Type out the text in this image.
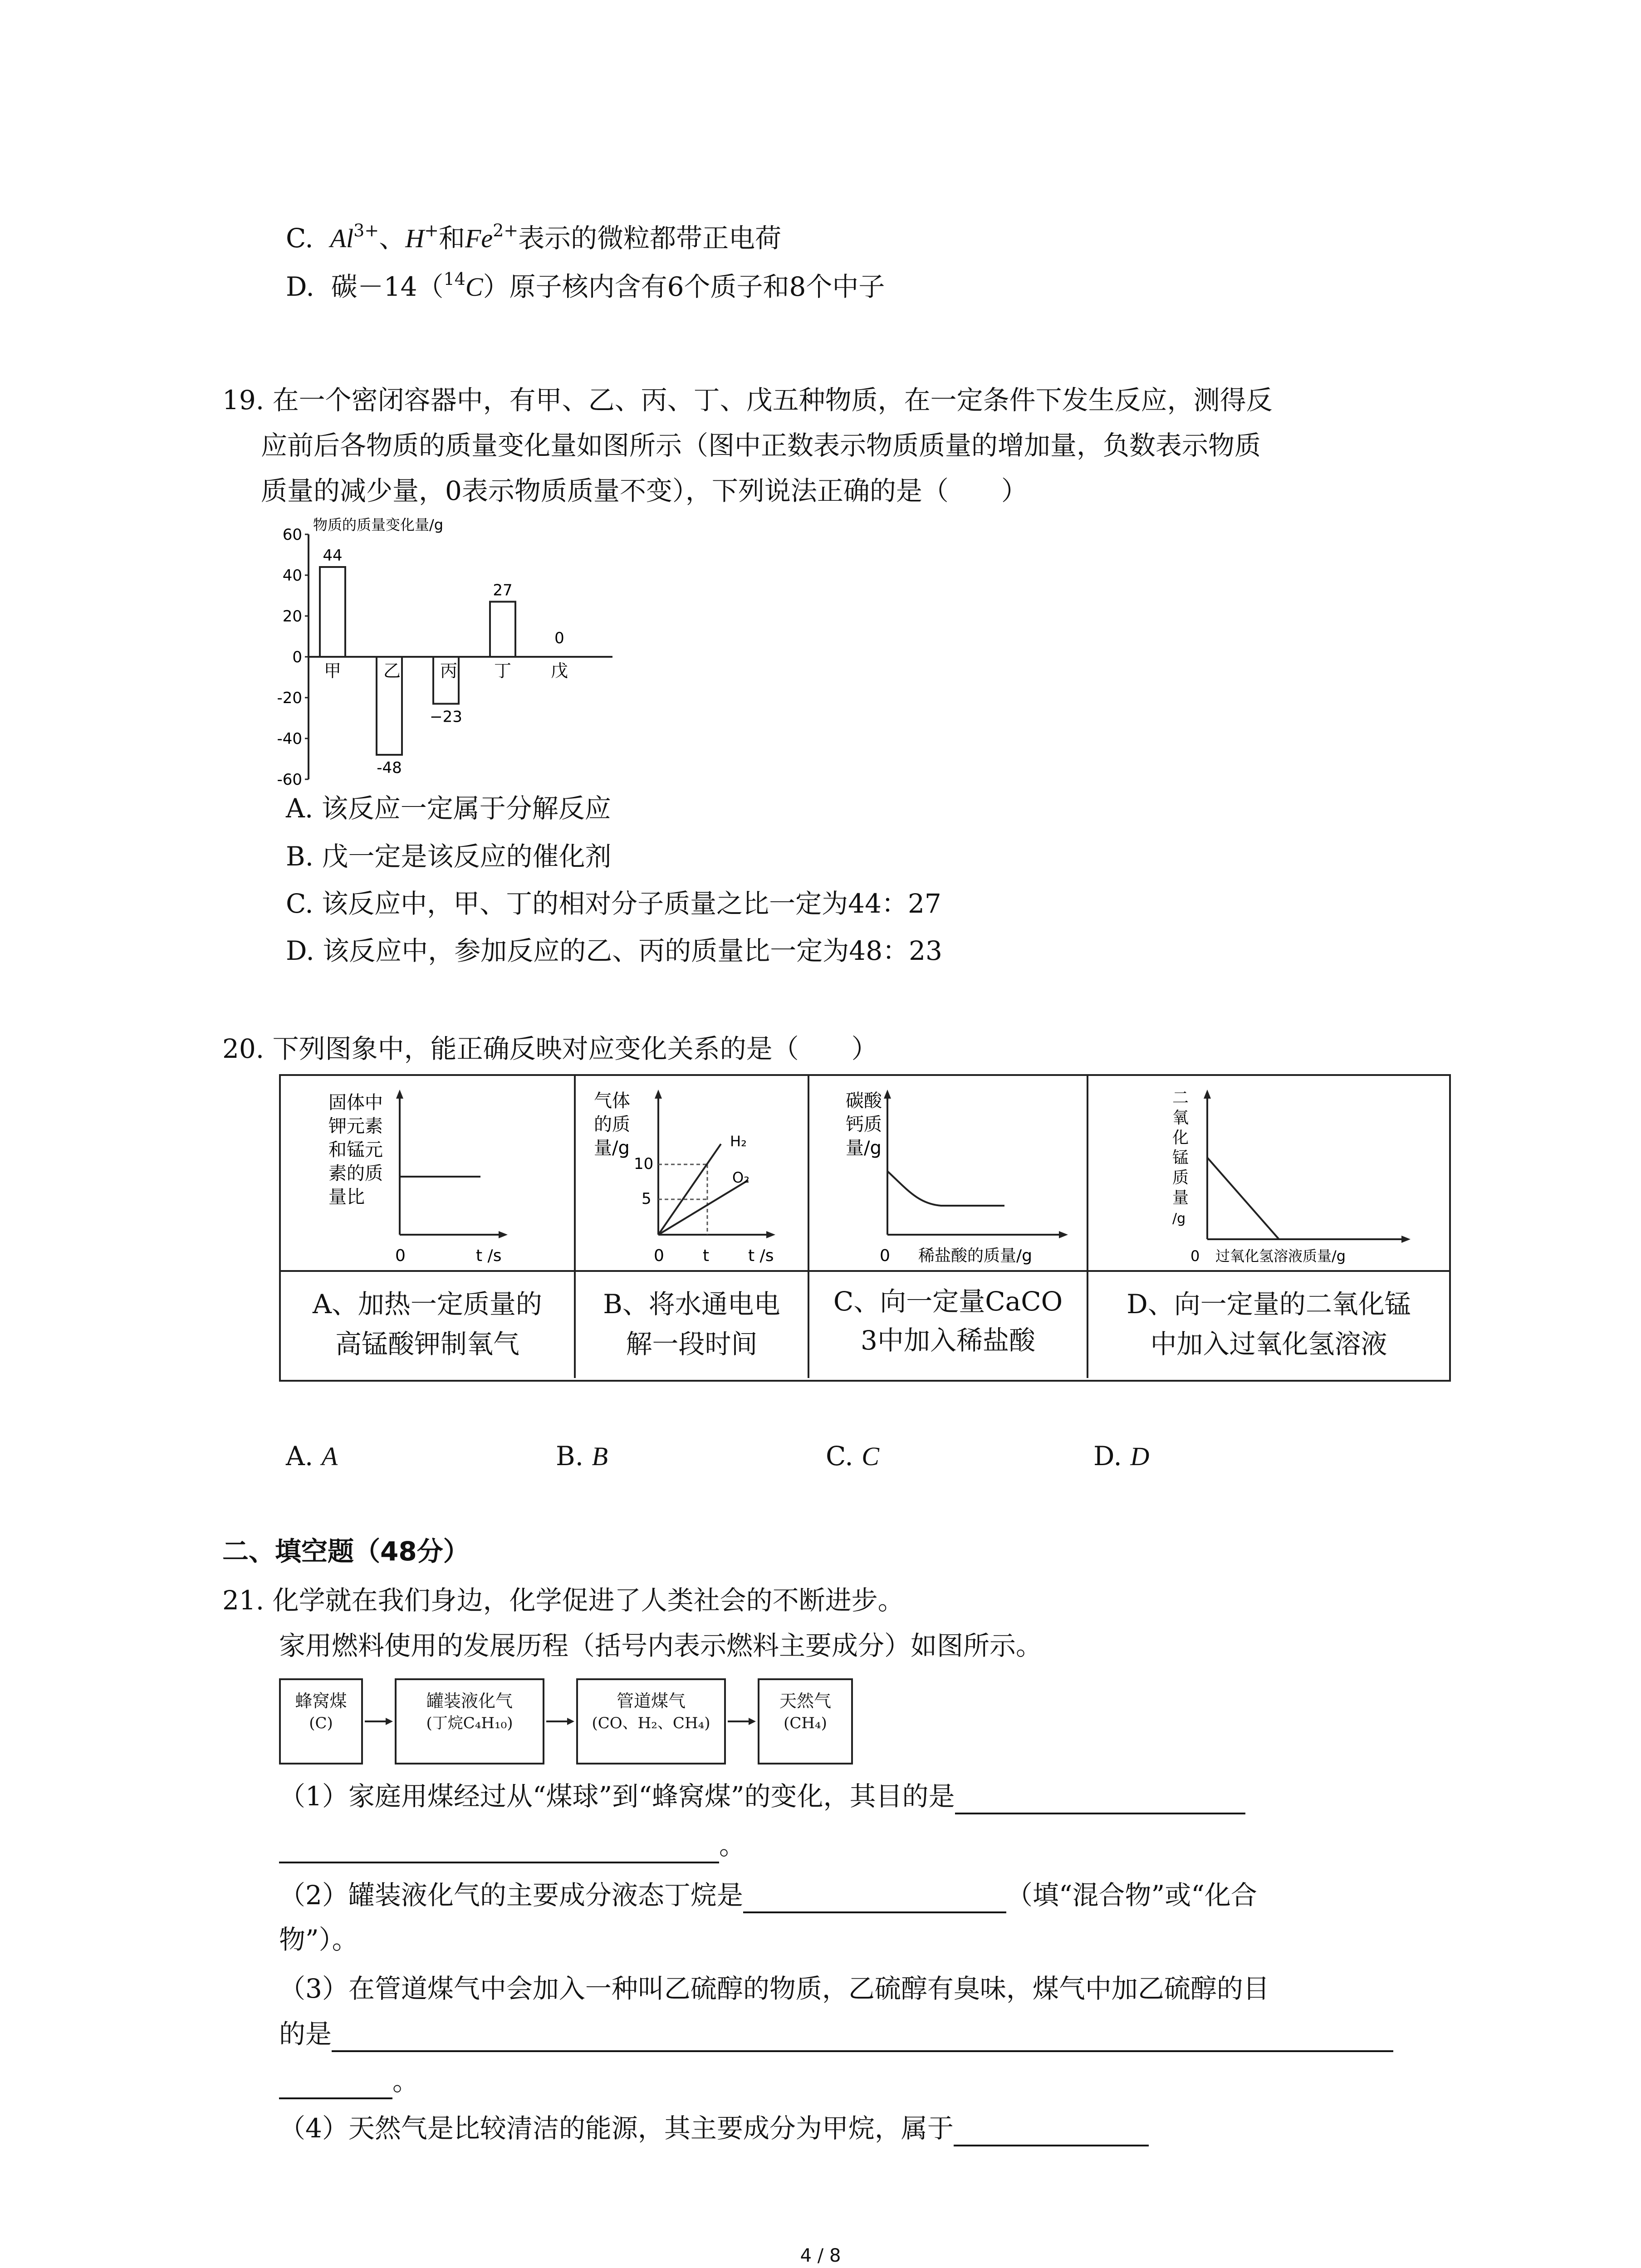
C. $Al^{3+}$、H+和$Fe^{2+}$表示的微粒都带正电荷
D. 碳－14（$^{14}$C）原子核内含有6个质子和8个中子
19. 在一个密闭容器中，有甲、乙、丙、丁、戊五种物质，在一定条件下发生反应，测得反
应前后各物质的质量变化量如图所示（图中正数表示物质质量的增加量，负数表示物质
质量的减少量，0表示物质质量不变），下列说法正确的是（　　）
物质的质量变化量/g
60
40
20
0
-20
-40
-60
44
甲
-48
乙
−23
丙
27
丁
0
戊
A. 该反应一定属于分解反应
B. 戊一定是该反应的催化剂
C. 该反应中，甲、丁的相对分子质量之比一定为44：27
D. 该反应中，参加反应的乙、丙的质量比一定为48：23
20. 下列图象中，能正确反映对应变化关系的是（　　）
固体中
钾元素
和锰元
素的质
量比
0	t /s
气体
的质
量/g
10
5
H₂
O₂
0 t t /s
碳酸
钙质
量/g
0 稀盐酸的质量/g
二
氧
化
锰
质
量
/g
0 过氧化氢溶液质量/g
A、加热一定质量的
高锰酸钾制氧气
B、将水通电电
解一段时间
C、向一定量CaCO
3中加入稀盐酸
D、向一定量的二氧化锰
中加入过氧化氢溶液
A. A	B. B	C. C	D. D
二、填空题（48分）
21. 化学就在我们身边，化学促进了人类社会的不断进步。
家用燃料使用的发展历程（括号内表示燃料主要成分）如图所示。
蜂窝煤
(C)
罐装液化气
(丁烷C₄H₁₀)
管道煤气
(CO、H₂、CH₄)
天然气
(CH₄)
（1）家庭用煤经过从“煤球”到“蜂窝煤”的变化，其目的是
。
（2）罐装液化气的主要成分液态丁烷是	（填“混合物”或“化合
物”）。
（3）在管道煤气中会加入一种叫乙硫醇的物质，乙硫醇有臭味，煤气中加乙硫醇的目
的是
。
（4）天然气是比较清洁的能源，其主要成分为甲烷，属于
4 / 8
